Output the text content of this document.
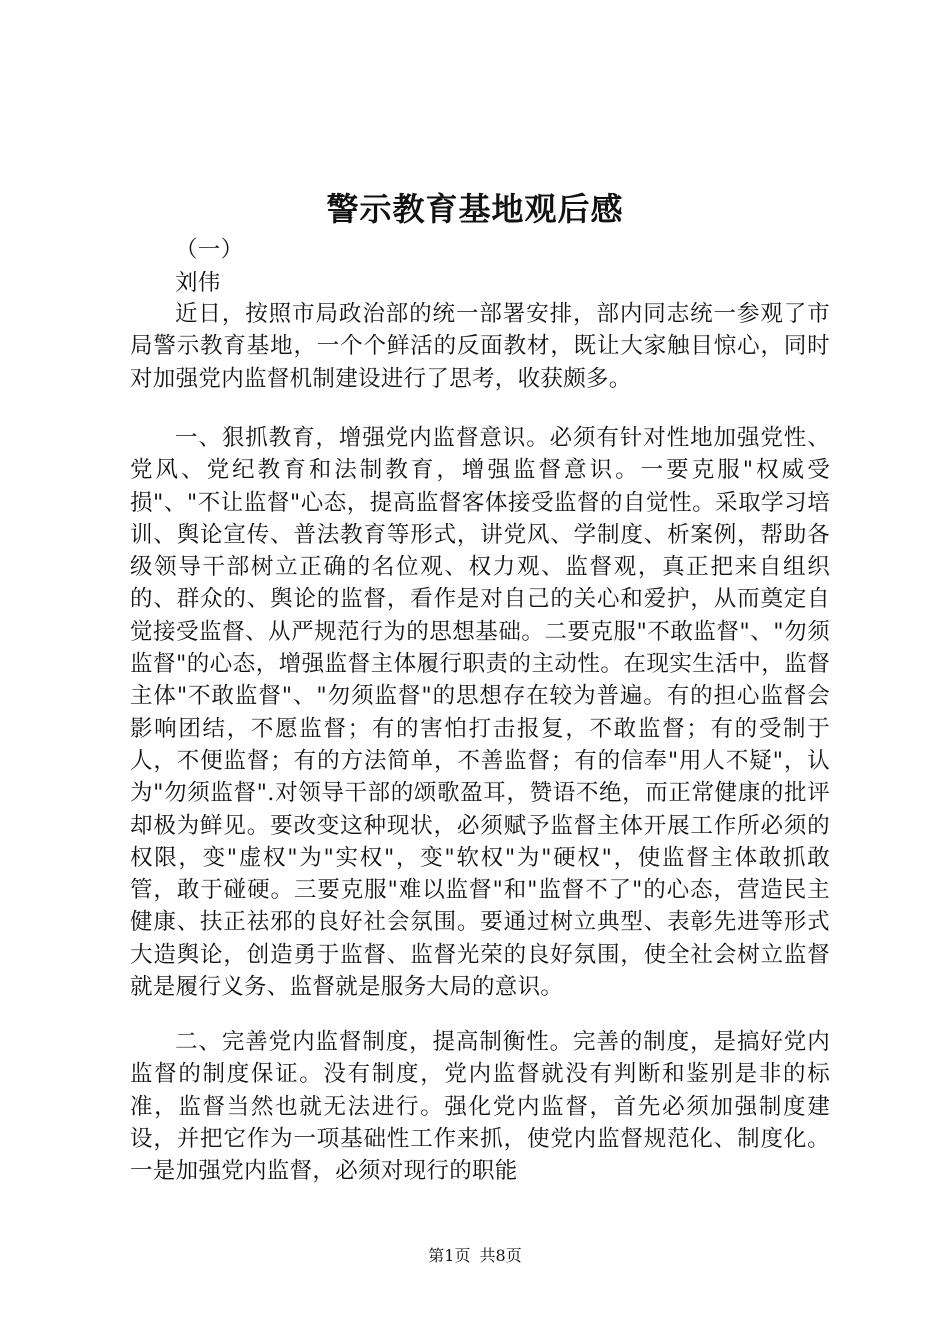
警示教育基地观后感

（一）

刘伟

近日，按照市局政治部的统一部署安排，部内同志统一参观了市局警示教育基地，一个个鲜活的反面教材，既让大家触目惊心，同时对加强党内监督机制建设进行了思考，收获颇多。

一、狠抓教育，增强党内监督意识。必须有针对性地加强党性、党风、党纪教育和法制教育，增强监督意识。一要克服"权威受损"、"不让监督"心态，提高监督客体接受监督的自觉性。采取学习培训、舆论宣传、普法教育等形式，讲党风、学制度、析案例，帮助各级领导干部树立正确的名位观、权力观、监督观，真正把来自组织的、群众的、舆论的监督，看作是对自己的关心和爱护，从而奠定自觉接受监督、从严规范行为的思想基础。二要克服"不敢监督"、"勿须监督"的心态，增强监督主体履行职责的主动性。在现实生活中，监督主体"不敢监督"、"勿须监督"的思想存在较为普遍。有的担心监督会影响团结，不愿监督；有的害怕打击报复，不敢监督；有的受制于人，不便监督；有的方法简单，不善监督；有的信奉"用人不疑"，认为"勿须监督".对领导干部的颂歌盈耳，赞语不绝，而正常健康的批评却极为鲜见。要改变这种现状，必须赋予监督主体开展工作所必须的权限，变"虚权"为"实权"，变"软权"为"硬权"，使监督主体敢抓敢管，敢于碰硬。三要克服"难以监督"和"监督不了"的心态，营造民主健康、扶正祛邪的良好社会氛围。要通过树立典型、表彰先进等形式大造舆论，创造勇于监督、监督光荣的良好氛围，使全社会树立监督就是履行义务、监督就是服务大局的意识。

二、完善党内监督制度，提高制衡性。完善的制度，是搞好党内监督的制度保证。没有制度，党内监督就没有判断和鉴别是非的标准，监督当然也就无法进行。强化党内监督，首先必须加强制度建设，并把它作为一项基础性工作来抓，使党内监督规范化、制度化。一是加强党内监督，必须对现行的职能

第1页 共8页
